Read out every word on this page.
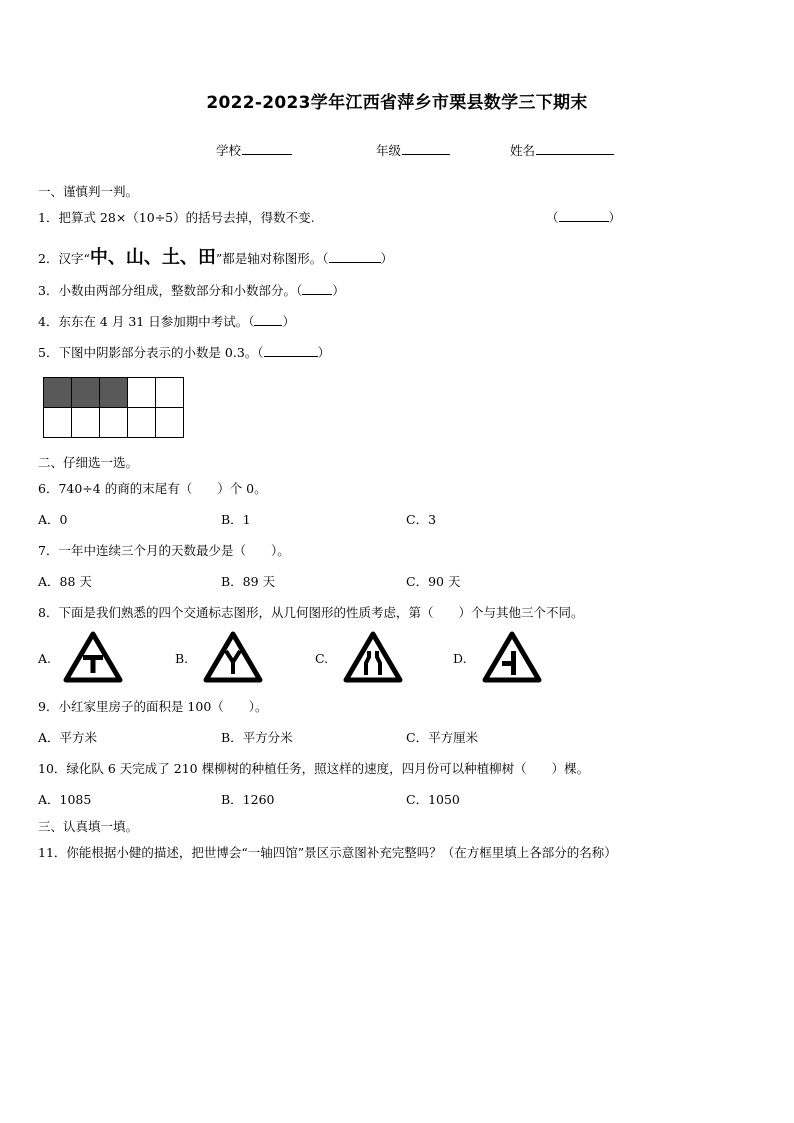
2022-2023学年江西省萍乡市栗县数学三下期末
学校	年级	姓名
一、谨慎判一判。
1．把算式 28×（10÷5）的括号去掉，得数不变.	（	）
2．汉字“中、山、土、田”都是轴对称图形。（	）
3．小数由两部分组成，整数部分和小数部分。（ ）
4．东东在 4 月 31 日参加期中考试。（ ）
5．下图中阴影部分表示的小数是 0.3。（	）

二、仔细选一选。
6．740÷4 的商的末尾有（　　）个 0。
A．0	B．1	C．3
7．一年中连续三个月的天数最少是（　　）。
A．88 天	B．89 天	C．90 天
8．下面是我们熟悉的四个交通标志图形，从几何图形的性质考虑，第（　　）个与其他三个不同。
A.	B.	C.	D.
9．小红家里房子的面积是 100（　　）。
A．平方米	B．平方分米	C．平方厘米
10．绿化队 6 天完成了 210 棵柳树的种植任务，照这样的速度，四月份可以种植柳树（　　）棵。
A．1085	B．1260	C．1050
三、认真填一填。
11．你能根据小健的描述，把世博会“一轴四馆”景区示意图补充完整吗？（在方框里填上各部分的名称）
